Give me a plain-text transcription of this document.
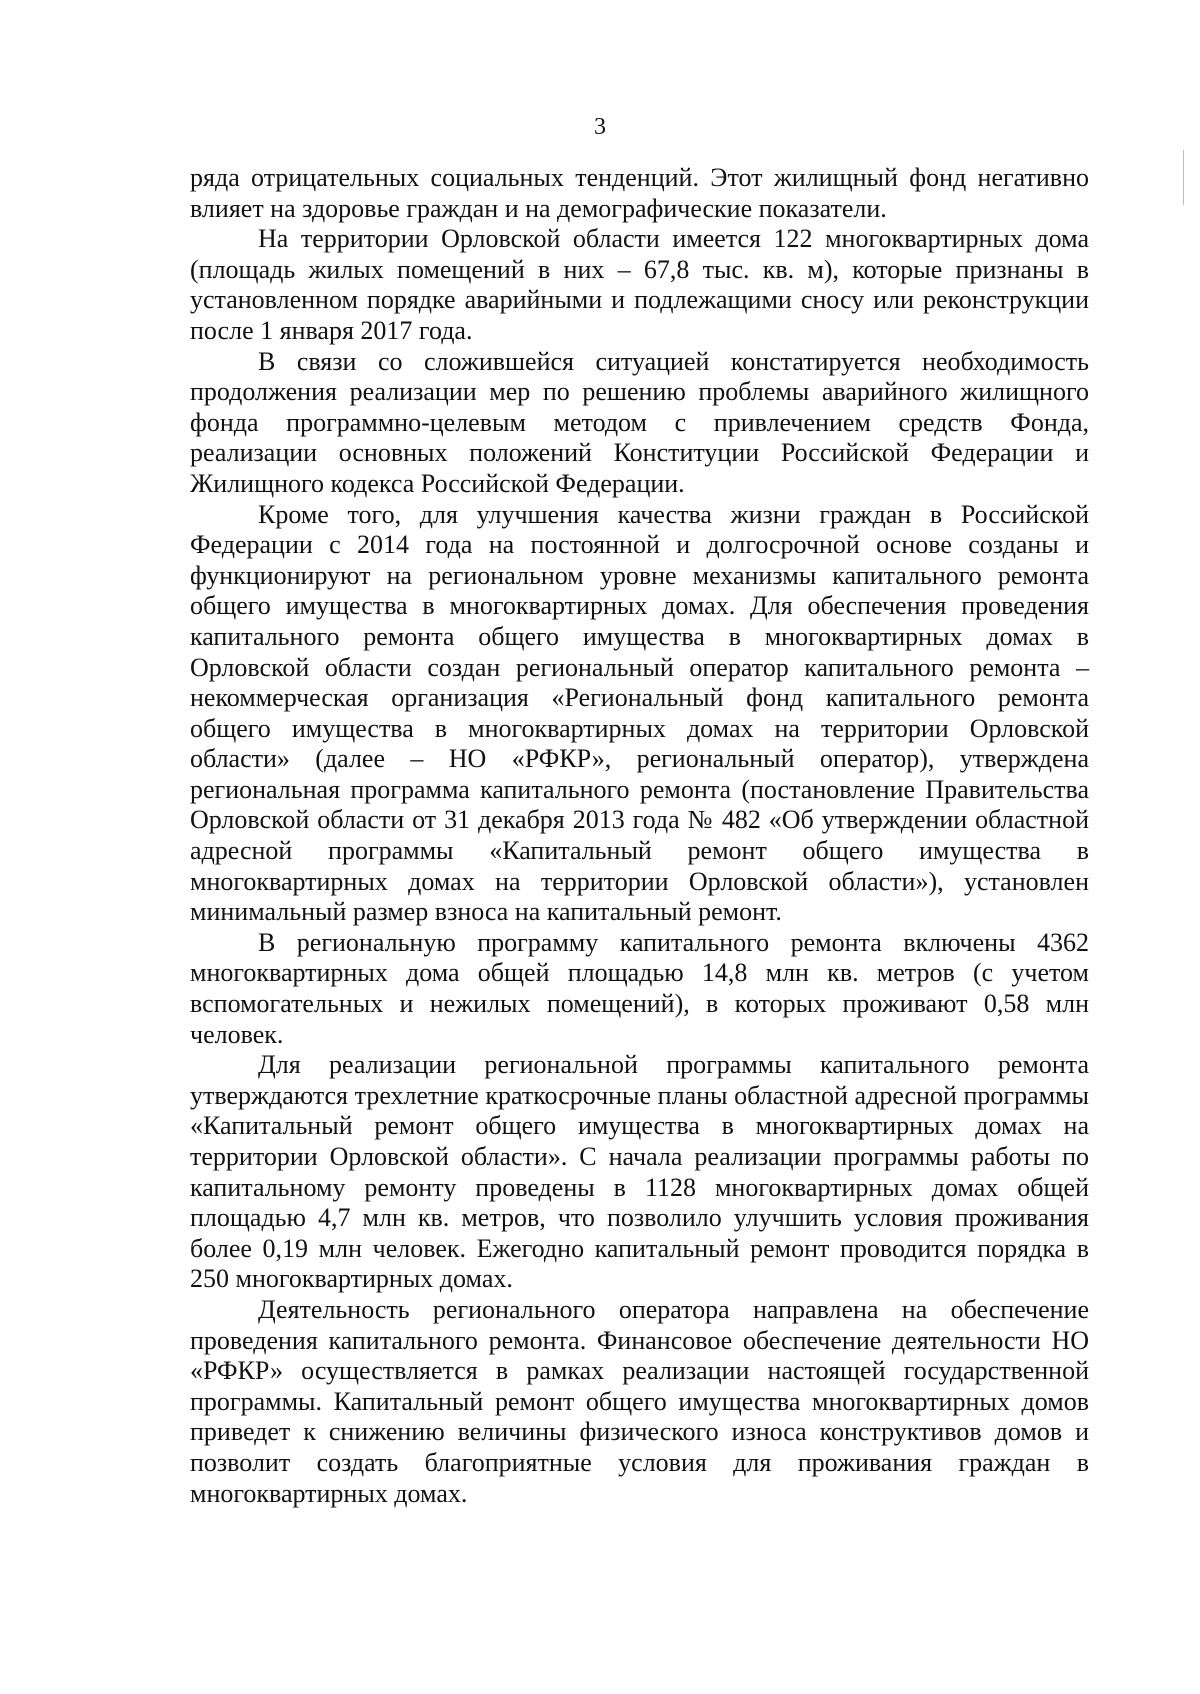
3

ряда отрицательных социальных тенденций. Этот жилищный фонд негативно влияет на здоровье граждан и на демографические показатели.

На территории Орловской области имеется 122 многоквартирных дома (площадь жилых помещений в них – 67,8 тыс. кв. м), которые признаны в установленном порядке аварийными и подлежащими сносу или реконструкции после 1 января 2017 года.

В связи со сложившейся ситуацией констатируется необходимость продолжения реализации мер по решению проблемы аварийного жилищного фонда программно-целевым методом с привлечением средств Фонда, реализации основных положений Конституции Российской Федерации и Жилищного кодекса Российской Федерации.

Кроме того, для улучшения качества жизни граждан в Российской Федерации с 2014 года на постоянной и долгосрочной основе созданы и функционируют на региональном уровне механизмы капитального ремонта общего имущества в многоквартирных домах. Для обеспечения проведения капитального ремонта общего имущества в многоквартирных домах в Орловской области создан региональный оператор капитального ремонта – некоммерческая организация «Региональный фонд капитального ремонта общего имущества в многоквартирных домах на территории Орловской области» (далее – НО «РФКР», региональный оператор), утверждена региональная программа капитального ремонта (постановление Правительства Орловской области от 31 декабря 2013 года № 482 «Об утверждении областной адресной программы «Капитальный ремонт общего имущества в многоквартирных домах на территории Орловской области»), установлен минимальный размер взноса на капитальный ремонт.

В региональную программу капитального ремонта включены 4362 многоквартирных дома общей площадью 14,8 млн кв. метров (с учетом вспомогательных и нежилых помещений), в которых проживают 0,58 млн человек.

Для реализации региональной программы капитального ремонта утверждаются трехлетние краткосрочные планы областной адресной программы «Капитальный ремонт общего имущества в многоквартирных домах на территории Орловской области». С начала реализации программы работы по капитальному ремонту проведены в 1128 многоквартирных домах общей площадью 4,7 млн кв. метров, что позволило улучшить условия проживания более 0,19 млн человек. Ежегодно капитальный ремонт проводится порядка в 250 многоквартирных домах.

Деятельность регионального оператора направлена на обеспечение проведения капитального ремонта. Финансовое обеспечение деятельности НО «РФКР» осуществляется в рамках реализации настоящей государственной программы. Капитальный ремонт общего имущества многоквартирных домов приведет к снижению величины физического износа конструктивов домов и позволит создать благоприятные условия для проживания граждан в многоквартирных домах.
